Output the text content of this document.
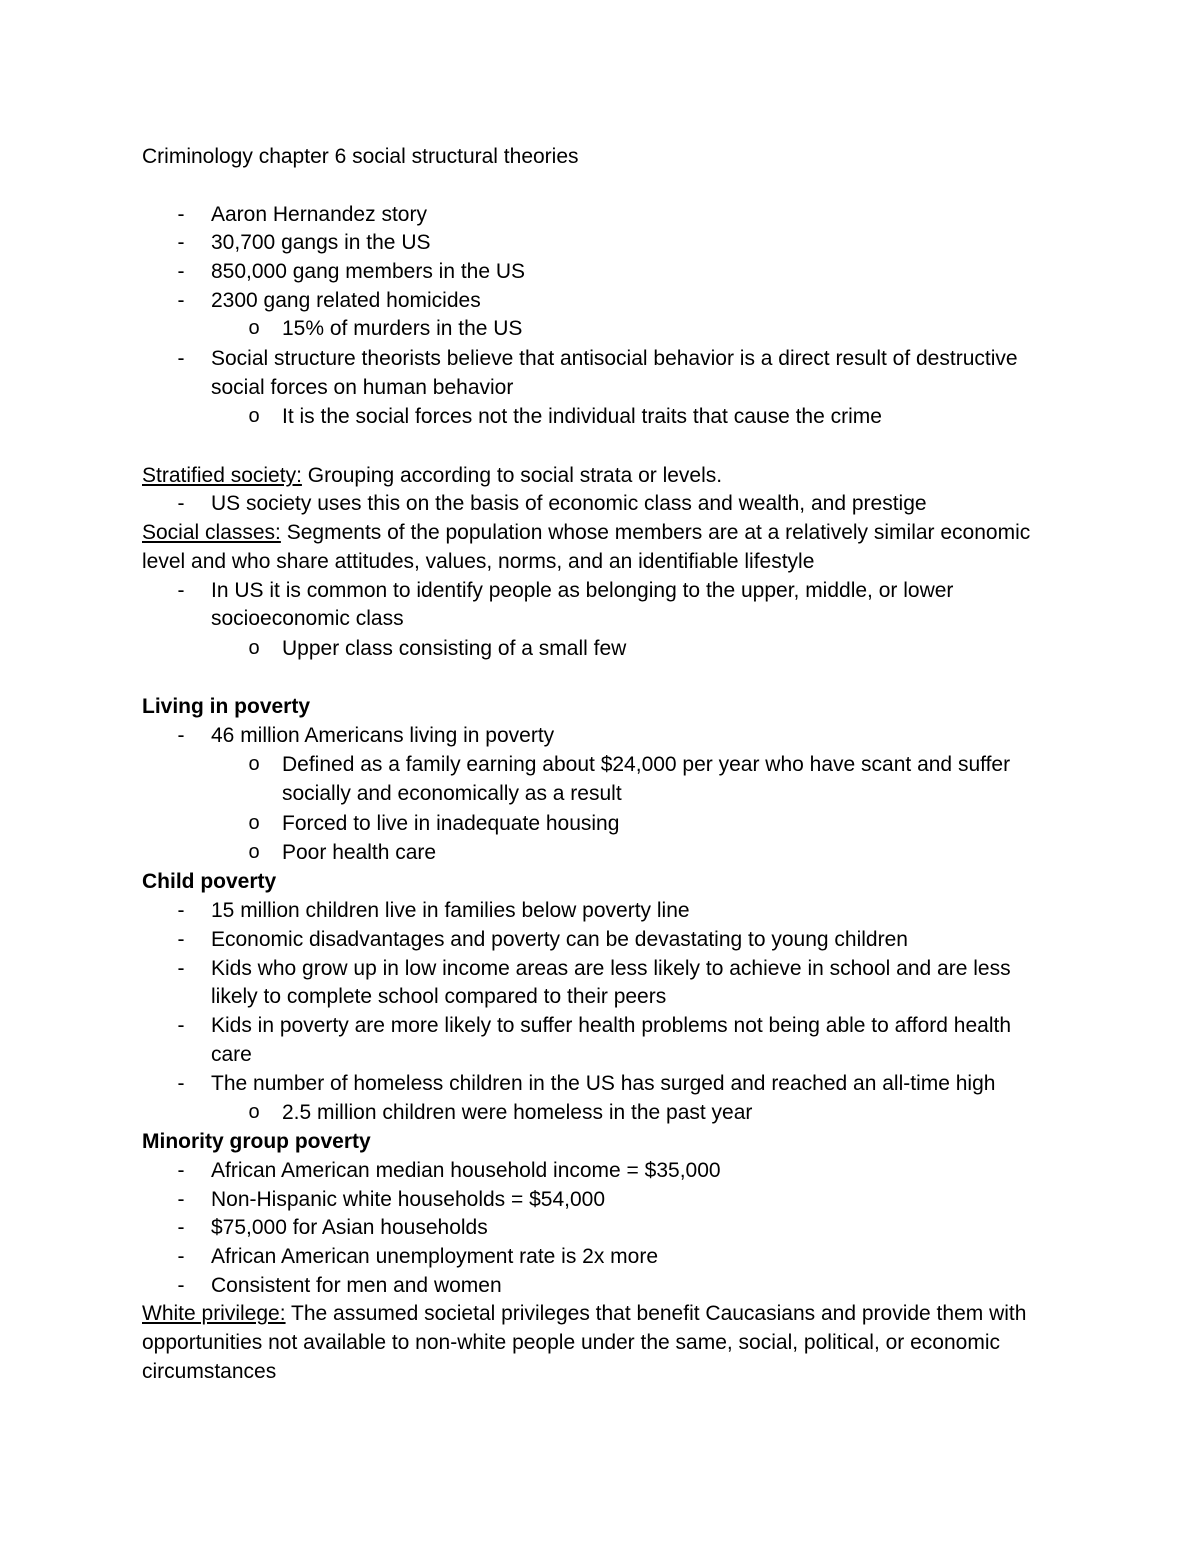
Criminology chapter 6 social structural theories
- Aaron Hernandez story
- 30,700 gangs in the US
- 850,000 gang members in the US
- 2300 gang related homicides
o 15% of murders in the US
- Social structure theorists believe that antisocial behavior is a direct result of destructive
social forces on human behavior
o It is the social forces not the individual traits that cause the crime
Stratified society: Grouping according to social strata or levels.
- US society uses this on the basis of economic class and wealth, and prestige
Social classes: Segments of the population whose members are at a relatively similar economic
level and who share attitudes, values, norms, and an identifiable lifestyle
- In US it is common to identify people as belonging to the upper, middle, or lower
socioeconomic class
o Upper class consisting of a small few
Living in poverty
- 46 million Americans living in poverty
o Defined as a family earning about $24,000 per year who have scant and suffer
socially and economically as a result
o Forced to live in inadequate housing
o Poor health care
Child poverty
- 15 million children live in families below poverty line
- Economic disadvantages and poverty can be devastating to young children
- Kids who grow up in low income areas are less likely to achieve in school and are less
likely to complete school compared to their peers
- Kids in poverty are more likely to suffer health problems not being able to afford health
care
- The number of homeless children in the US has surged and reached an all-time high
o 2.5 million children were homeless in the past year
Minority group poverty
- African American median household income = $35,000
- Non-Hispanic white households = $54,000
- $75,000 for Asian households
- African American unemployment rate is 2x more
- Consistent for men and women
White privilege: The assumed societal privileges that benefit Caucasians and provide them with
opportunities not available to non-white people under the same, social, political, or economic
circumstances
